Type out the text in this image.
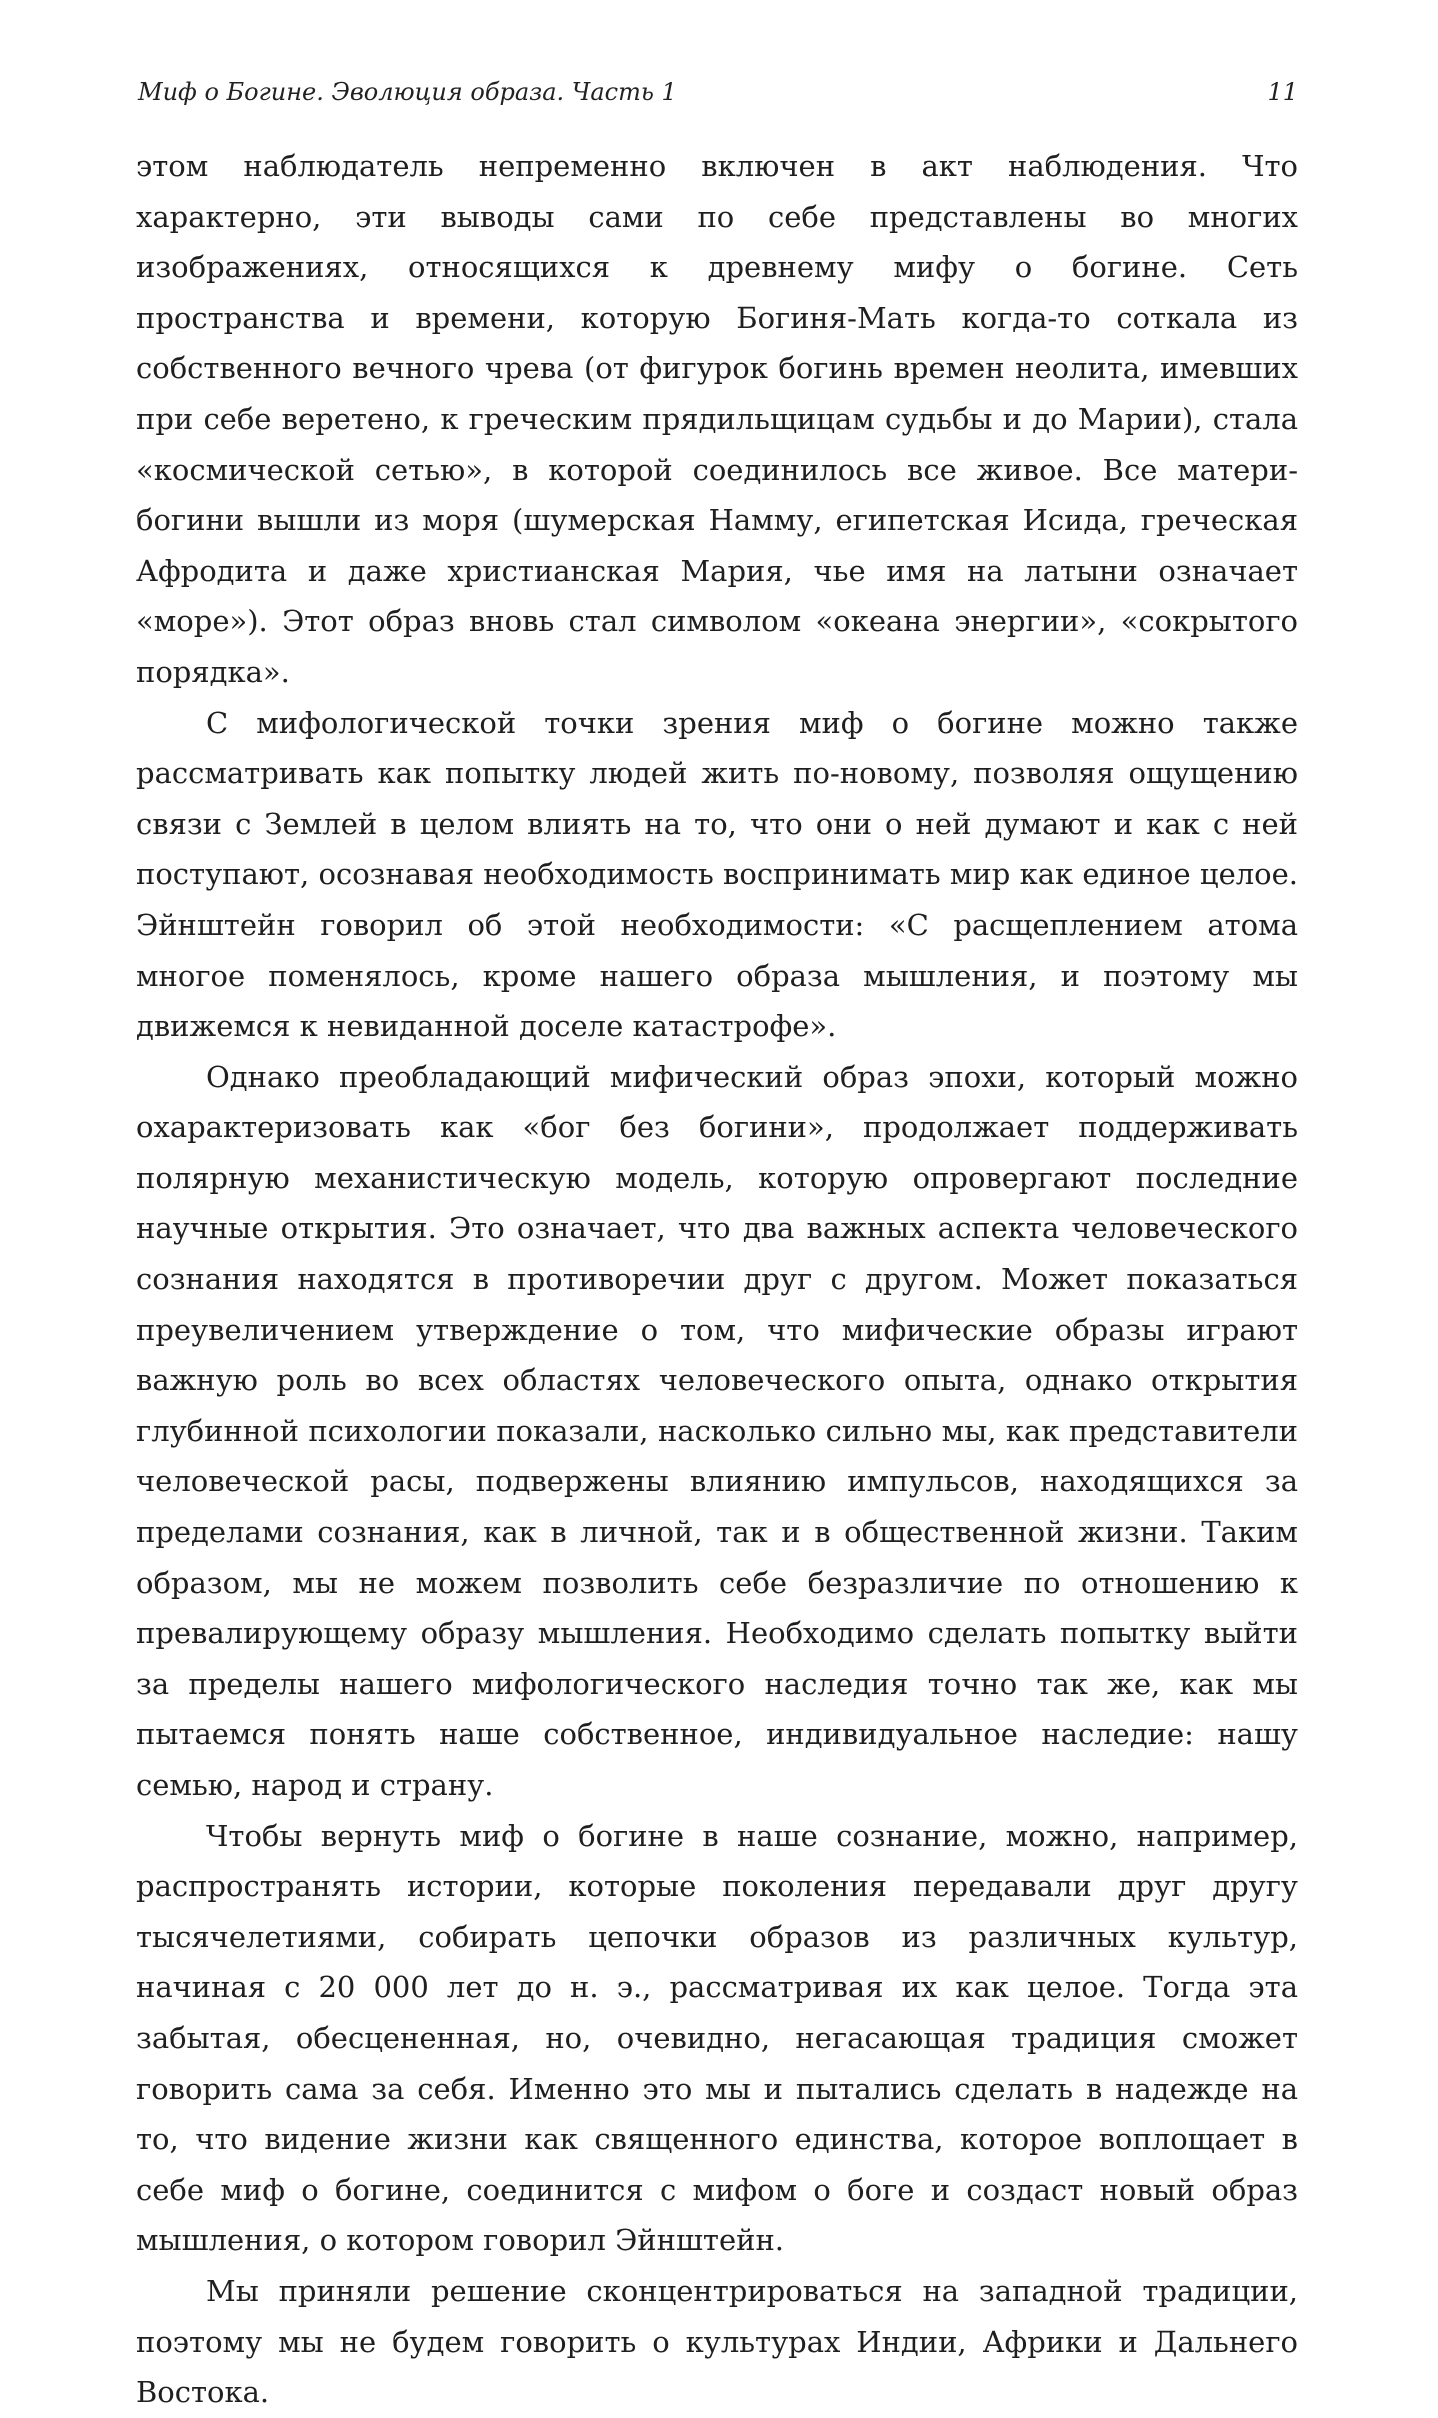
Миф о Богине. Эволюция образа. Часть 1	11

этом наблюдатель непременно включен в акт наблюдения. Что характерно, эти выводы сами по себе представлены во многих изображениях, относящихся к древнему мифу о богине. Сеть пространства и времени, которую Богиня-Мать когда-то соткала из собственного вечного чрева (от фигурок богинь времен неолита, имевших при себе веретено, к греческим прядильщицам судьбы и до Марии), стала «космической сетью», в которой соединилось все живое. Все матери-богини вышли из моря (шумерская Намму, египетская Исида, греческая Афродита и даже христианская Мария, чье имя на латыни означает «море»). Этот образ вновь стал символом «океана энергии», «сокрытого порядка».

С мифологической точки зрения миф о богине можно также рассматривать как попытку людей жить по-новому, позволяя ощущению связи с Землей в целом влиять на то, что они о ней думают и как с ней поступают, осознавая необходимость воспринимать мир как единое целое. Эйнштейн говорил об этой необходимости: «С расщеплением атома многое поменялось, кроме нашего образа мышления, и поэтому мы движемся к невиданной доселе катастрофе».

Однако преобладающий мифический образ эпохи, который можно охарактеризовать как «бог без богини», продолжает поддерживать полярную механистическую модель, которую опровергают последние научные открытия. Это означает, что два важных аспекта человеческого сознания находятся в противоречии друг с другом. Может показаться преувеличением утверждение о том, что мифические образы играют важную роль во всех областях человеческого опыта, однако открытия глубинной психологии показали, насколько сильно мы, как представители человеческой расы, подвержены влиянию импульсов, находящихся за пределами сознания, как в личной, так и в общественной жизни. Таким образом, мы не можем позволить себе безразличие по отношению к превалирующему образу мышления. Необходимо сделать попытку выйти за пределы нашего мифологического наследия точно так же, как мы пытаемся понять наше собственное, индивидуальное наследие: нашу семью, народ и страну.

Чтобы вернуть миф о богине в наше сознание, можно, например, распространять истории, которые поколения передавали друг другу тысячелетиями, собирать цепочки образов из различных культур, начиная с 20 000 лет до н. э., рассматривая их как целое. Тогда эта забытая, обесцененная, но, очевидно, негасающая традиция сможет говорить сама за себя. Именно это мы и пытались сделать в надежде на то, что видение жизни как священного единства, которое воплощает в себе миф о богине, соединится с мифом о боге и создаст новый образ мышления, о котором говорил Эйнштейн.

Мы приняли решение сконцентрироваться на западной традиции, поэтому мы не будем говорить о культурах Индии, Африки и Дальнего Востока.
